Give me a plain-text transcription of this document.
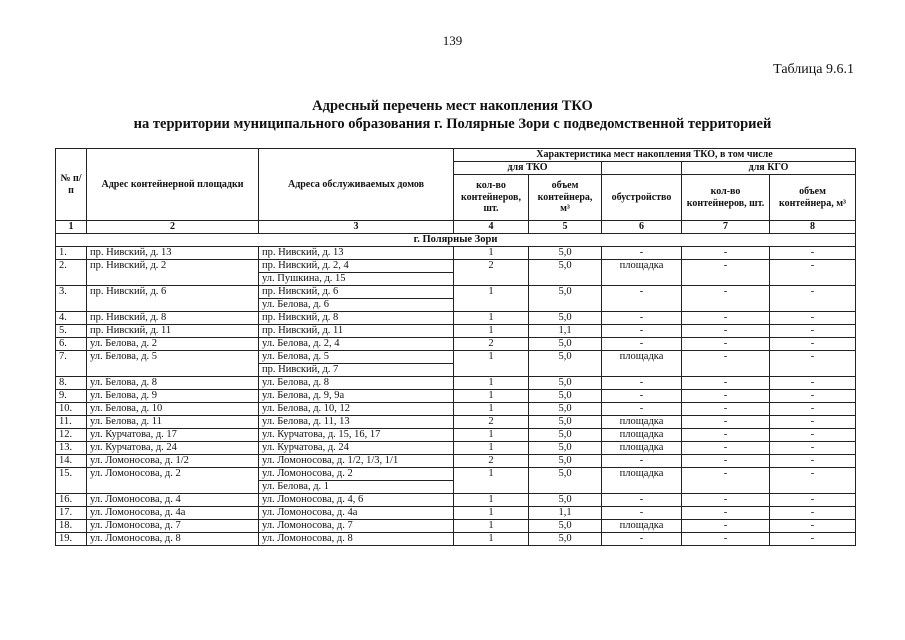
139
Таблица 9.6.1
Адресный перечень мест накопления ТКО
на территории муниципального образования г. Полярные Зори с подведомственной территорией
№ п/п	Адрес контейнерной площадки	Адреса обслуживаемых домов	Характеристика мест накопления ТКО, в том числе				
			для ТКО			для КГО	
			кол-во контейнеров, шт.	объем контейнера, м³	обустройство	кол-во контейнеров, шт.	объем контейнера, м³
1	2	3	4	5	6	7	8
г. Полярные Зори							
1.	пр. Нивский, д. 13	пр. Нивский, д. 13	1	5,0	-	-	-
2.	пр. Нивский, д. 2	пр. Нивский, д. 2, 4	2	5,0	площадка	-	-
		ул. Пушкина, д. 15					
3.	пр. Нивский, д. 6	пр. Нивский, д. 6	1	5,0	-	-	-
		ул. Белова, д. 6					
4.	пр. Нивский, д. 8	пр. Нивский, д. 8	1	5,0	-	-	-
5.	пр. Нивский, д. 11	пр. Нивский, д. 11	1	1,1	-	-	-
6.	ул. Белова, д. 2	ул. Белова, д. 2, 4	2	5,0	-	-	-
7.	ул. Белова, д. 5	ул. Белова, д. 5	1	5,0	площадка	-	-
		пр. Нивский, д. 7					
8.	ул. Белова, д. 8	ул. Белова, д. 8	1	5,0	-	-	-
9.	ул. Белова, д. 9	ул. Белова, д. 9, 9а	1	5,0	-	-	-
10.	ул. Белова, д. 10	ул. Белова, д. 10, 12	1	5,0	-	-	-
11.	ул. Белова, д. 11	ул. Белова, д. 11, 13	2	5,0	площадка	-	-
12.	ул. Курчатова, д. 17	ул. Курчатова, д. 15, 16, 17	1	5,0	площадка	-	-
13.	ул. Курчатова, д. 24	ул. Курчатова, д. 24	1	5,0	площадка	-	-
14.	ул. Ломоносова, д. 1/2	ул. Ломоносова, д. 1/2, 1/3, 1/1	2	5,0	-	-	-
15.	ул. Ломоносова, д. 2	ул. Ломоносова, д. 2	1	5,0	площадка	-	-
		ул. Белова, д. 1					
16.	ул. Ломоносова, д. 4	ул. Ломоносова, д. 4, 6	1	5,0	-	-	-
17.	ул. Ломоносова, д. 4а	ул. Ломоносова, д. 4а	1	1,1	-	-	-
18.	ул. Ломоносова, д. 7	ул. Ломоносова, д. 7	1	5,0	площадка	-	-
19.	ул. Ломоносова, д. 8	ул. Ломоносова, д. 8	1	5,0	-	-	-
